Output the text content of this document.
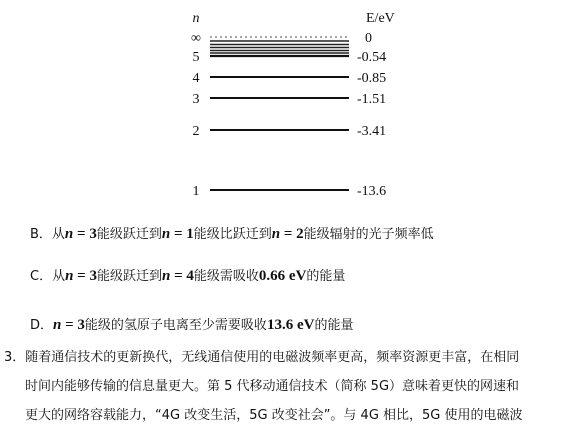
n	E/eV
∞	0
5	-0.54
4	-0.85
3	-1.51
2	-3.41
1	-13.6
B．从n = 3能级跃迁到n = 1能级比跃迁到n = 2能级辐射的光子频率低
C．从n = 3能级跃迁到n = 4能级需吸收0.66 eV的能量
D．n = 3能级的氢原子电离至少需要吸收13.6 eV的能量
3．随着通信技术的更新换代，无线通信使用的电磁波频率更高，频率资源更丰富，在相同
时间内能够传输的信息量更大。第 5 代移动通信技术（简称 5G）意味着更快的网速和
更大的网络容载能力，“4G 改变生活，5G 改变社会”。与 4G 相比，5G 使用的电磁波
